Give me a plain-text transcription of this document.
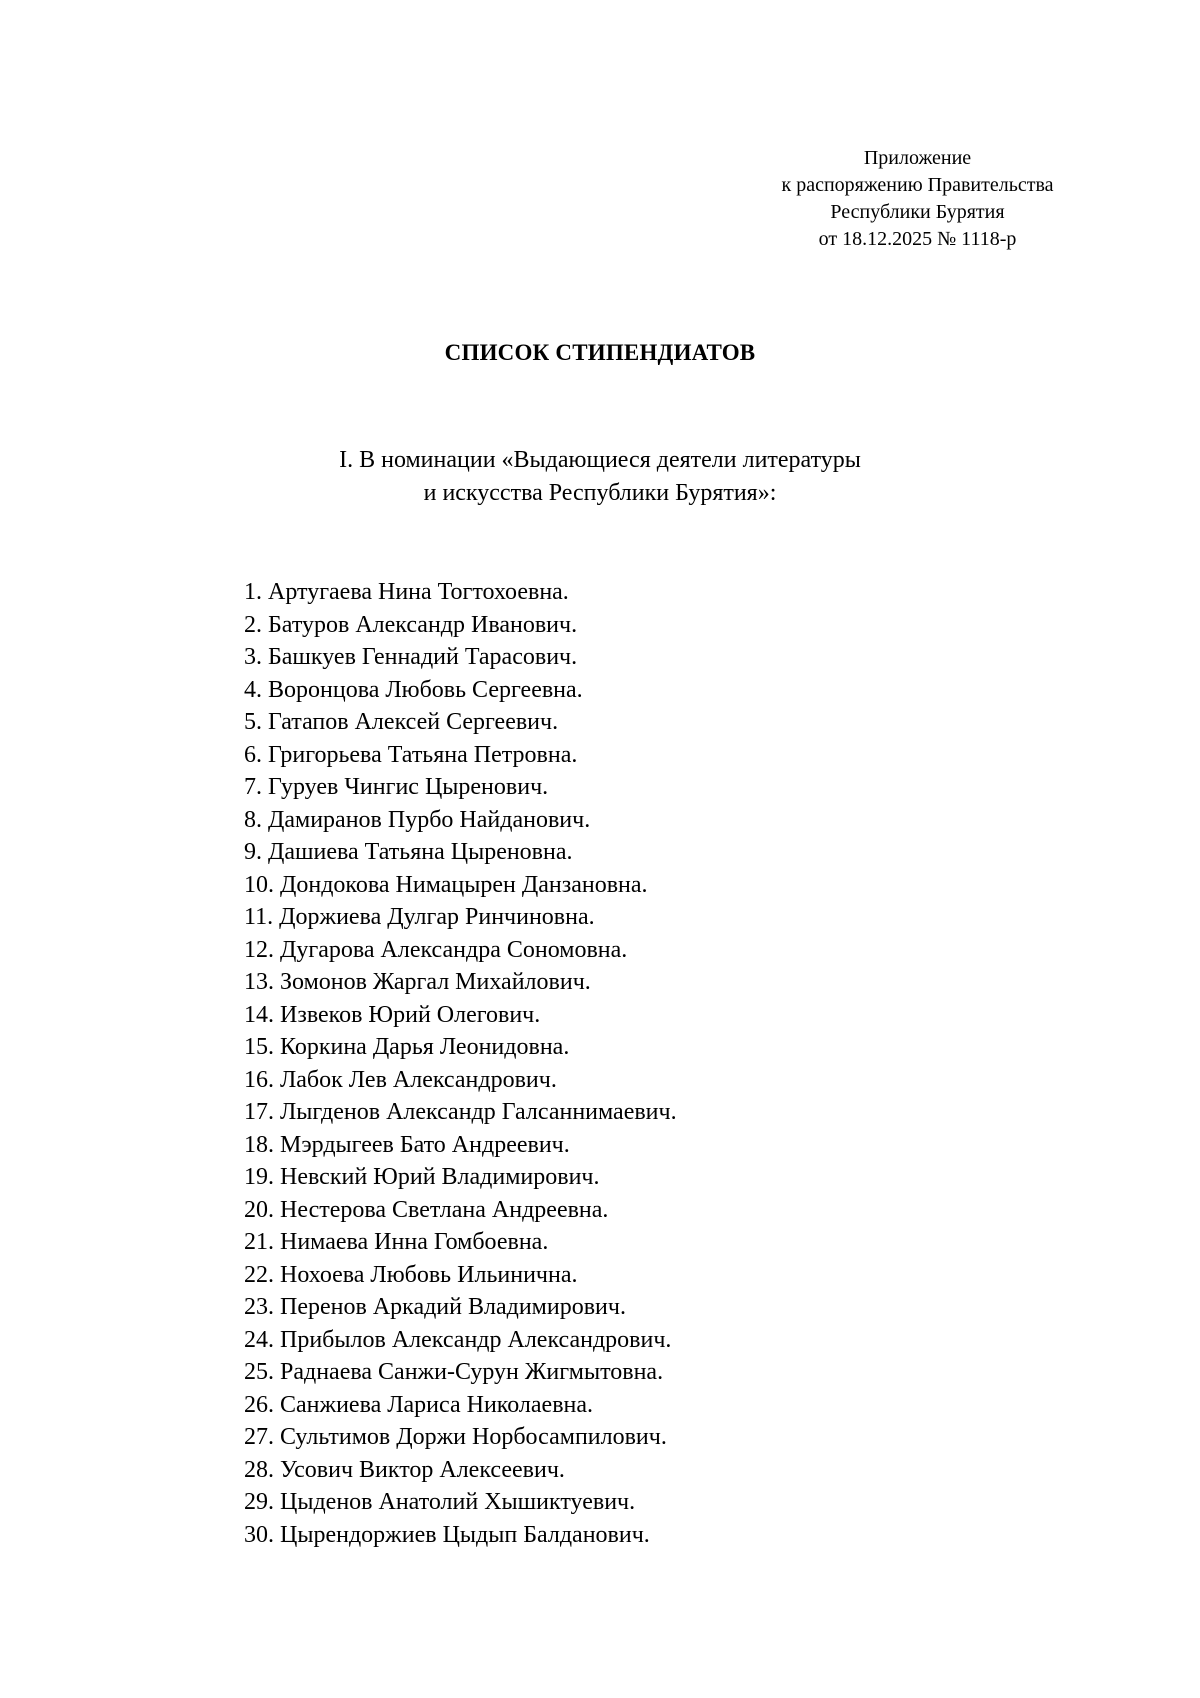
Приложение
к распоряжению Правительства
Республики Бурятия
от 18.12.2025 № 1118-р
СПИСОК СТИПЕНДИАТОВ
I. В номинации «Выдающиеся деятели литературы
и искусства Республики Бурятия»:
1. Артугаева Нина Тогтохоевна.
2. Батуров Александр Иванович.
3. Башкуев Геннадий Тарасович.
4. Воронцова Любовь Сергеевна.
5. Гатапов Алексей Сергеевич.
6. Григорьева Татьяна Петровна.
7. Гуруев Чингис Цыренович.
8. Дамиранов Пурбо Найданович.
9. Дашиева Татьяна Цыреновна.
10. Дондокова Нимацырен Данзановна.
11. Доржиева Дулгар Ринчиновна.
12. Дугарова Александра Сономовна.
13. Зомонов Жаргал Михайлович.
14. Извеков Юрий Олегович.
15. Коркина Дарья Леонидовна.
16. Лабок Лев Александрович.
17. Лыгденов Александр Галсаннимаевич.
18. Мэрдыгеев Бато Андреевич.
19. Невский Юрий Владимирович.
20. Нестерова Светлана Андреевна.
21. Нимаева Инна Гомбоевна.
22. Нохоева Любовь Ильинична.
23. Перенов Аркадий Владимирович.
24. Прибылов Александр Александрович.
25. Раднаева Санжи-Сурун Жигмытовна.
26. Санжиева Лариса Николаевна.
27. Сультимов Доржи Норбосампилович.
28. Усович Виктор Алексеевич.
29. Цыденов Анатолий Хышиктуевич.
30. Цырендоржиев Цыдып Балданович.
